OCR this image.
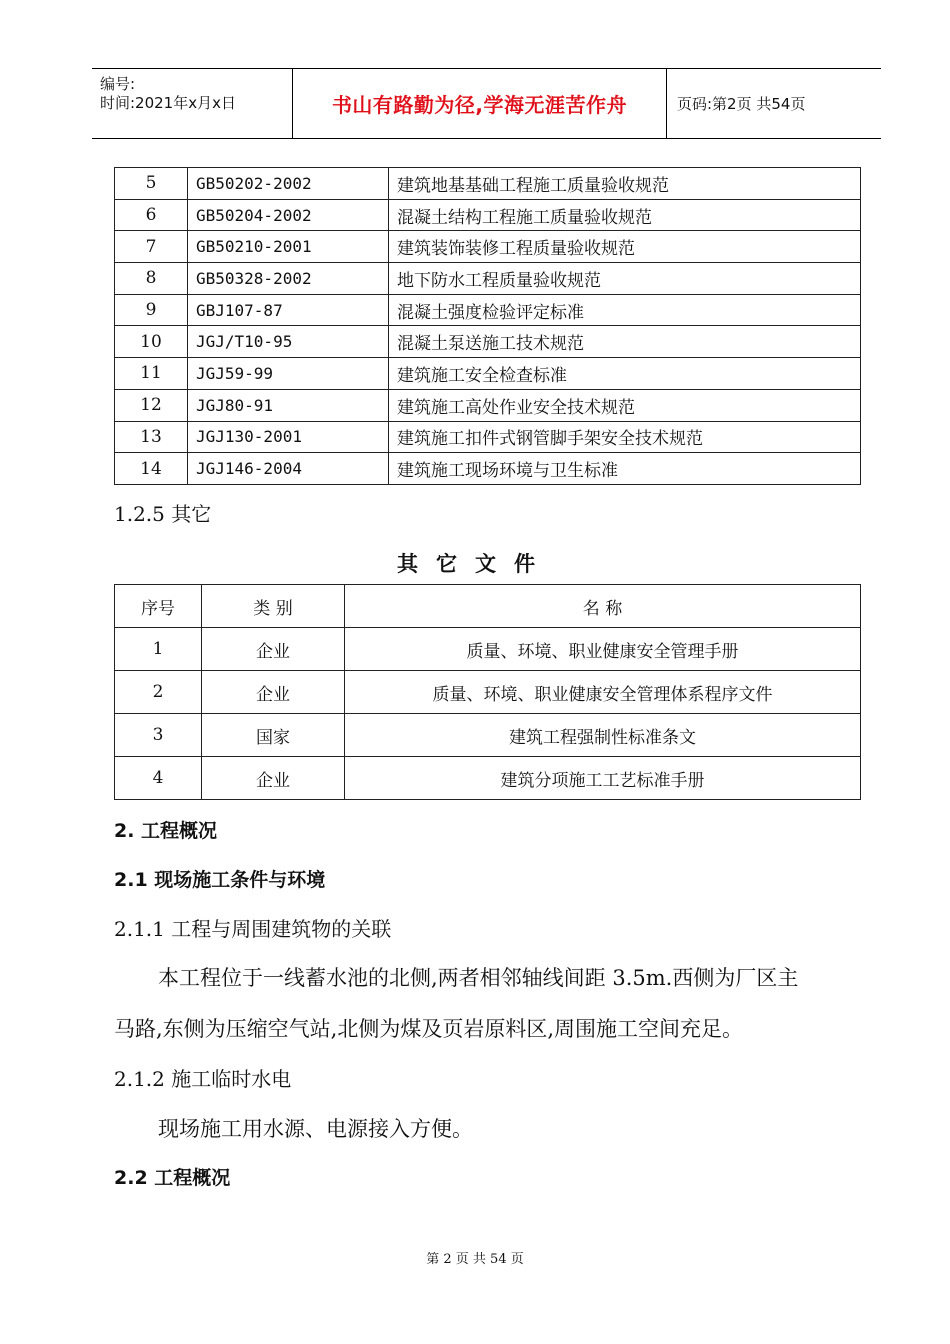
编号:
时间:2021年x月x日	书山有路勤为径,学海无涯苦作舟	页码:第2页 共54页
5	GB50202-2002	建筑地基基础工程施工质量验收规范
6	GB50204-2002	混凝土结构工程施工质量验收规范
7	GB50210-2001	建筑装饰装修工程质量验收规范
8	GB50328-2002	地下防水工程质量验收规范
9	GBJ107-87	混凝土强度检验评定标准
10	JGJ/T10-95	混凝土泵送施工技术规范
11	JGJ59-99	建筑施工安全检查标准
12	JGJ80-91	建筑施工高处作业安全技术规范
13	JGJ130-2001	建筑施工扣件式钢管脚手架安全技术规范
14	JGJ146-2004	建筑施工现场环境与卫生标准
1.2.5 其它
其它文件
序号	类 别	名 称
1	企业	质量、环境、职业健康安全管理手册
2	企业	质量、环境、职业健康安全管理体系程序文件
3	国家	建筑工程强制性标准条文
4	企业	建筑分项施工工艺标准手册
2. 工程概况
2.1 现场施工条件与环境
2.1.1 工程与周围建筑物的关联
本工程位于一线蓄水池的北侧,两者相邻轴线间距 3.5m.西侧为厂区主
马路,东侧为压缩空气站,北侧为煤及页岩原料区,周围施工空间充足。
2.1.2 施工临时水电
现场施工用水源、电源接入方便。
2.2 工程概况
第 2 页 共 54 页
